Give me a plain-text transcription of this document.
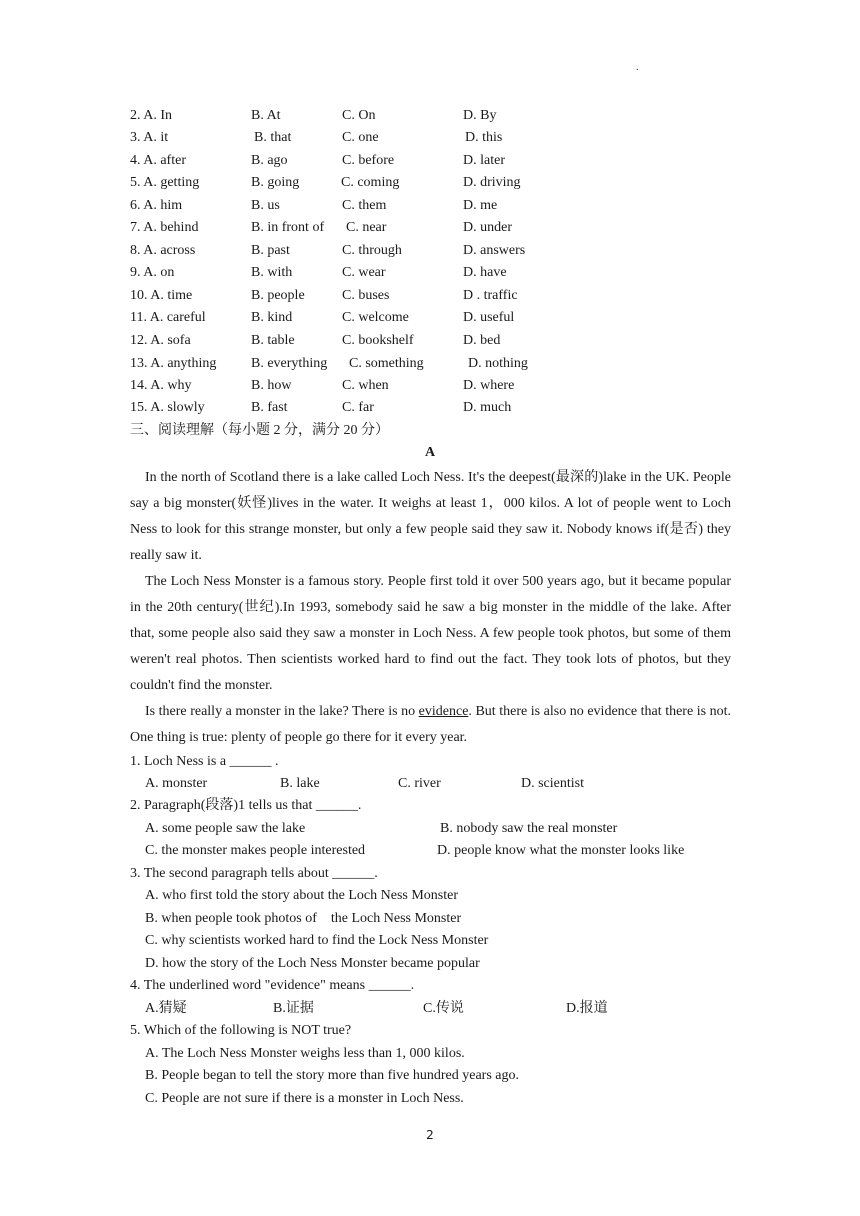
.
2. A. In	B. At	C. On	D. By
3. A. it	B. that	C. one	D. this
4. A. after	B. ago	C. before	D. later
5. A. getting	B. going	C. coming	D. driving
6. A. him	B. us	C. them	D. me
7. A. behind	B. in front of C. near	D. under
8. A. across	B. past	C. through	D. answers
9. A. on	B. with	C. wear	D. have
10. A. time	B. people	C. buses	D . traffic
11. A. careful	B. kind	C. welcome	D. useful
12. A. sofa	B. table	C. bookshelf	D. bed
13. A. anything B. everything C. something	D. nothing
14. A. why	B. how	C. when	D. where
15. A. slowly	B. fast	C. far	D. much
三、阅读理解（每小题 2 分，满分 20 分）
A

In the north of Scotland there is a lake called Loch Ness. It's the deepest(最深的)lake in the UK. People say a big monster(妖怪)lives in the water. It weighs at least 1，000 kilos. A lot of people went to Loch Ness to look for this strange monster, but only a few people said they saw it. Nobody knows if(是否) they really saw it.

The Loch Ness Monster is a famous story. People first told it over 500 years ago, but it became popular in the 20th century(世纪).In 1993, somebody said he saw a big monster in the middle of the lake. After that, some people also said they saw a monster in Loch Ness. A few people took photos, but some of them weren't real photos. Then scientists worked hard to find out the fact. They took lots of photos, but they couldn't find the monster.

Is there really a monster in the lake? There is no evidence. But there is also no evidence that there is not. One thing is true: plenty of people go there for it every year.

1. Loch Ness is a ______ .
A. monster	B. lake	C. river	D. scientist
2. Paragraph(段落)1 tells us that ______.
A. some people saw the lake	B. nobody saw the real monster
C. the monster makes people interested	D. people know what the monster looks like
3. The second paragraph tells about ______.
A. who first told the story about the Loch Ness Monster
B. when people took photos of    the Loch Ness Monster
C. why scientists worked hard to find the Lock Ness Monster
D. how the story of the Loch Ness Monster became popular
4. The underlined word "evidence" means ______.
A.猜疑	B.证据	C.传说	D.报道
5. Which of the following is NOT true?
A. The Loch Ness Monster weighs less than 1, 000 kilos.
B. People began to tell the story more than five hundred years ago.
C. People are not sure if there is a monster in Loch Ness.
2
